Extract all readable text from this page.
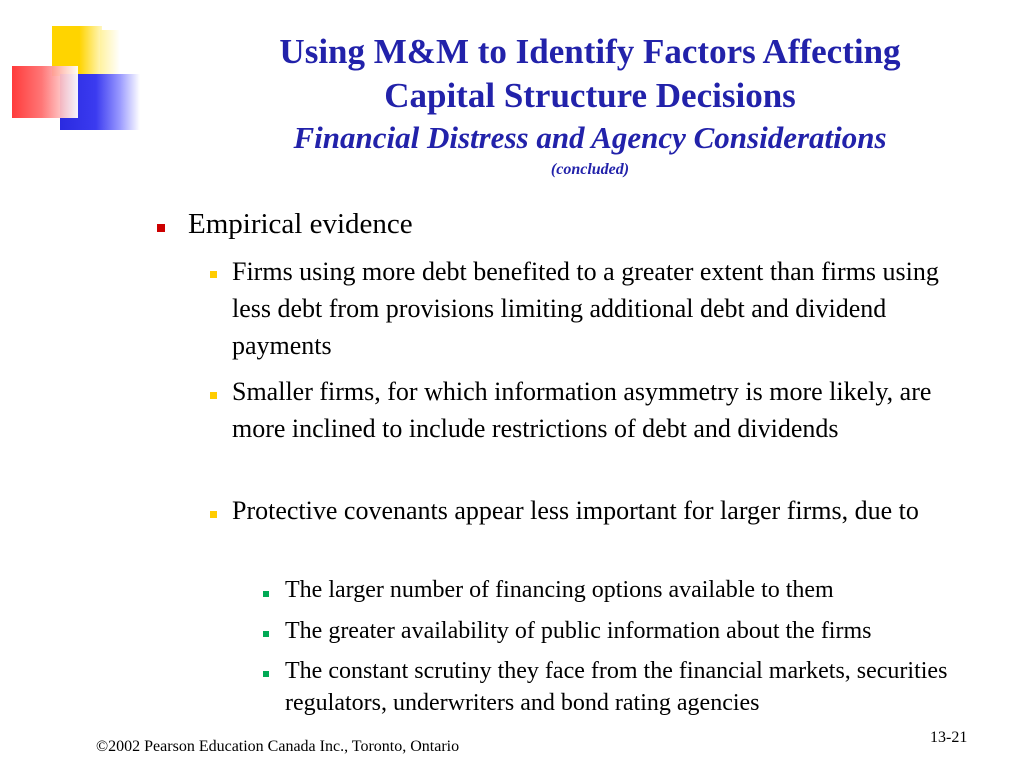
Using M&M to Identify Factors Affecting
Capital Structure Decisions
Financial Distress and Agency Considerations
(concluded)
Empirical evidence
Firms using more debt benefited to a greater extent than firms using less debt from provisions limiting additional debt and dividend payments
Smaller firms, for which information asymmetry is more likely, are more inclined to include restrictions of debt and dividends
Protective covenants appear less important for larger firms, due to
The larger number of financing options available to them
The greater availability of public information about the firms
The constant scrutiny they face from the financial markets, securities regulators, underwriters and bond rating agencies
©2002 Pearson Education Canada Inc., Toronto, Ontario
13-21
